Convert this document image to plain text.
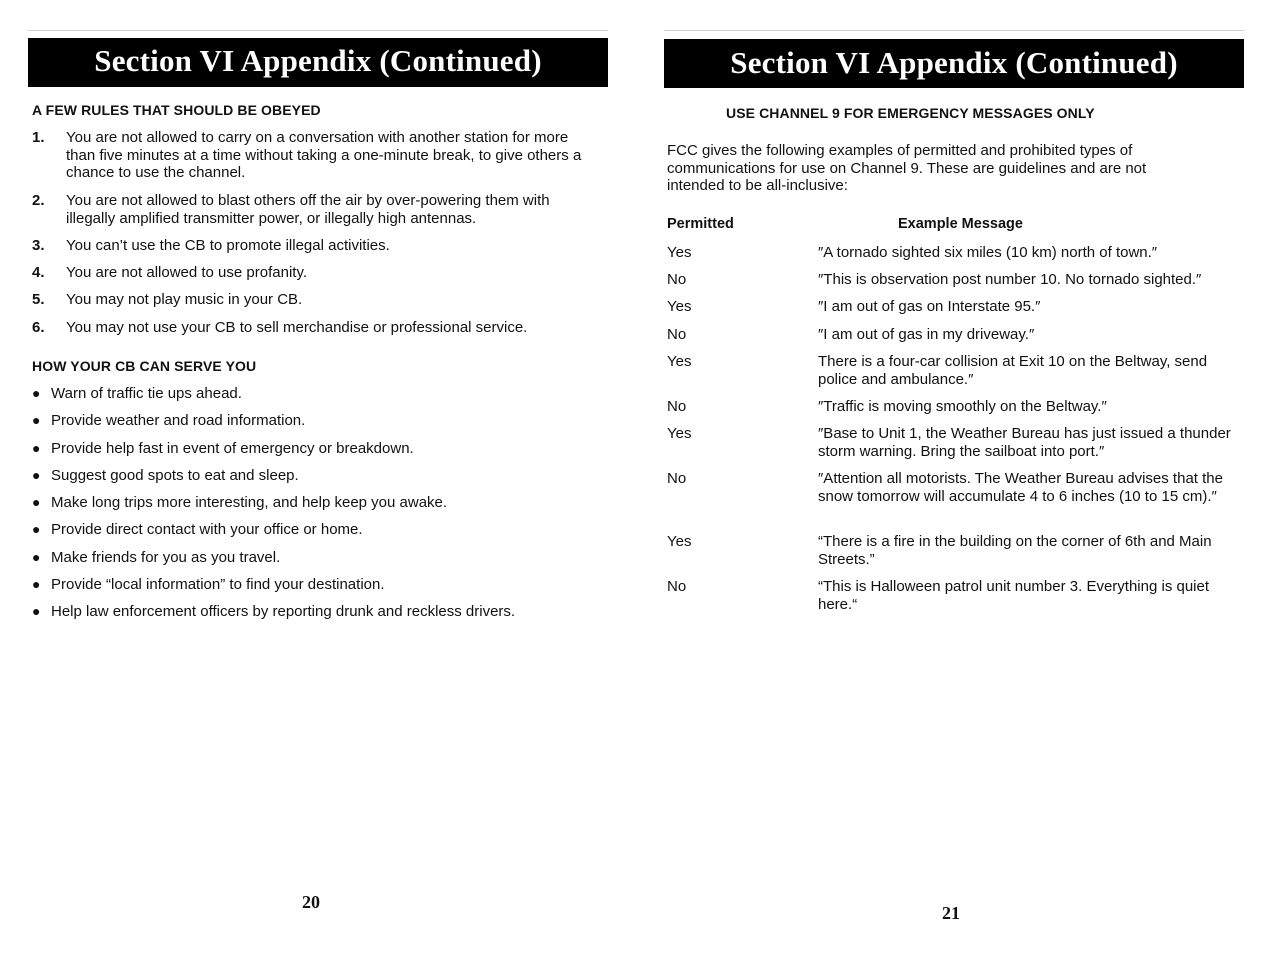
Section VI Appendix (Continued)
A FEW RULES THAT SHOULD BE OBEYED
1.	You are not allowed to carry on a conversation with another station for more than five minutes at a time without taking a one-minute break, to give others a chance to use the channel.
2.	You are not allowed to blast others off the air by over-powering them with illegally amplified transmitter power, or illegally high antennas.
3.	You can’t use the CB to promote illegal activities.
4.	You are not allowed to use profanity.
5.	You may not play music in your CB.
6.	You may not use your CB to sell merchandise or professional service.
HOW YOUR CB CAN SERVE YOU
● Warn of traffic tie ups ahead.
● Provide weather and road information.
● Provide help fast in event of emergency or breakdown.
● Suggest good spots to eat and sleep.
● Make long trips more interesting, and help keep you awake.
● Provide direct contact with your office or home.
● Make friends for you as you travel.
● Provide “local information” to find your destination.
● Help law enforcement officers by reporting drunk and reckless drivers.
20
Section VI Appendix (Continued)
USE CHANNEL 9 FOR EMERGENCY MESSAGES ONLY
FCC gives the following examples of permitted and prohibited types of communications for use on Channel 9. These are guidelines and are not intended to be all-inclusive:
Permitted	Example Message
Yes	″A tornado sighted six miles (10 km) north of town.″
No	″This is observation post number 10. No tornado sighted.″
Yes	″I am out of gas on Interstate 95.″
No	″I am out of gas in my driveway.″
Yes	There is a four-car collision at Exit 10 on the Beltway, send police and ambulance.″
No	″Traffic is moving smoothly on the Beltway.″
Yes	″Base to Unit 1, the Weather Bureau has just issued a thunder storm warning. Bring the sailboat into port.″
No	″Attention all motorists. The Weather Bureau advises that the snow tomorrow will accumulate 4 to 6 inches (10 to 15 cm).″
Yes	“There is a fire in the building on the corner of 6th and Main Streets.”
No	“This is Halloween patrol unit number 3. Everything is quiet here.“
21
